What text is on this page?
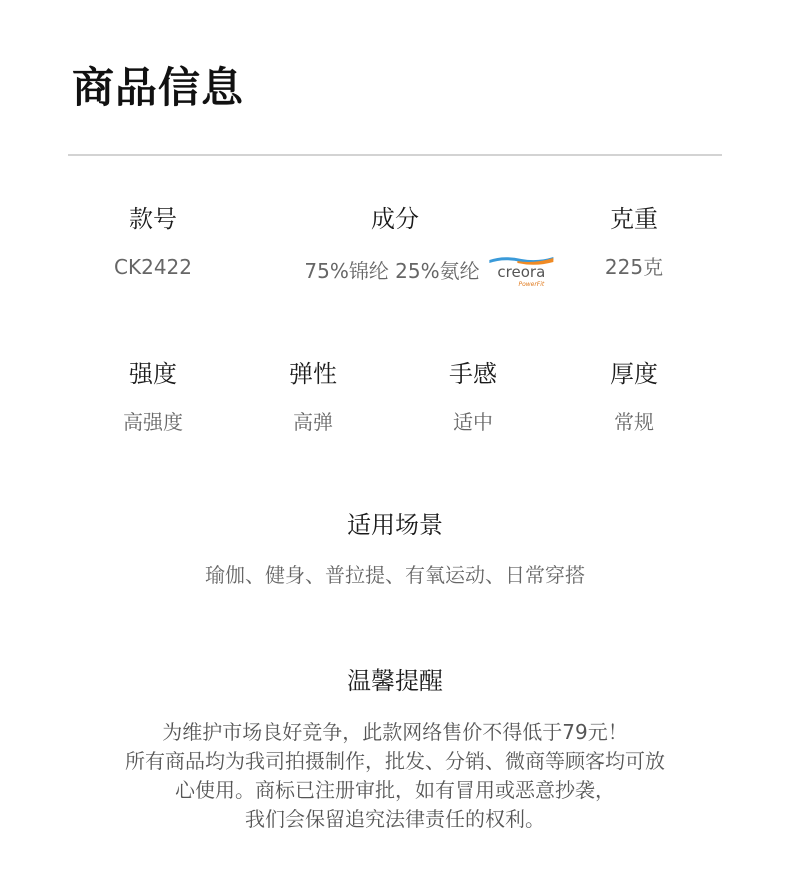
商品信息
款号
CK2422
成分
75%锦纶 25%氨纶 creora
PowerFit
克重
225克
强度
高强度
弹性
高弹
手感
适中
厚度
常规
适用场景
瑜伽、健身、普拉提、有氧运动、日常穿搭
温馨提醒
为维护市场良好竞争，此款网络售价不得低于79元！
所有商品均为我司拍摄制作，批发、分销、微商等顾客均可放
心使用。商标已注册审批，如有冒用或恶意抄袭，
我们会保留追究法律责任的权利。
